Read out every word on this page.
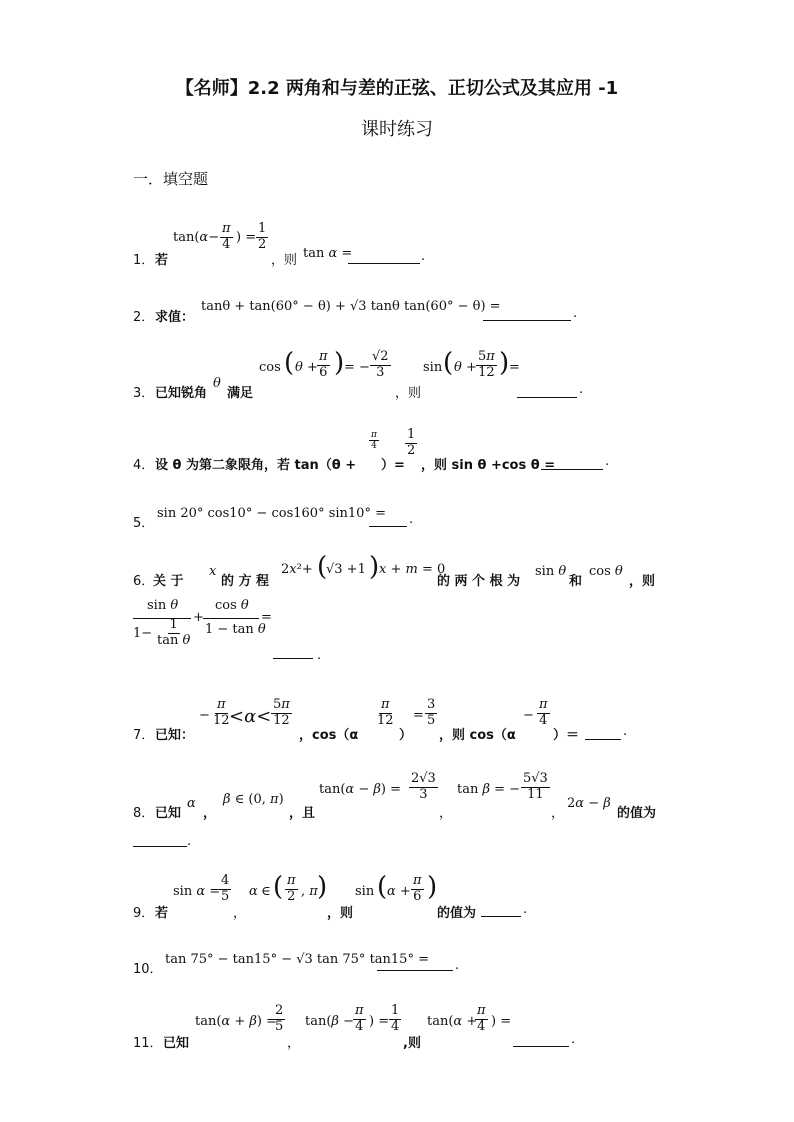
【名师】2.2 两角和与差的正弦、正切公式及其应用 -1
课时练习
一．填空题
1． 若
$\tan(\alpha- \frac{\pi}{4}$ ) = $\frac{1}{2}$
，则 tan α =	.
2． 求值：
tanθ + tan(60° − θ) + √3 tanθ tan(60° − θ) =	.
3． 已知锐角
θ
满足
cos ( $\theta + \frac{\pi}{6}$ ) = − $\frac{√2}{3}$
，则
sin ( $\theta + \frac{5\pi}{12}$ ) =
.
4． 设 θ 为第二象限角，若 tan（θ +
$\frac{\pi}{4}$
）=
$\frac{1}{2}$
，则 sin θ +cos θ =	.
5．
sin 20° cos10° − cos160° sin10° = .
6．
关 于
x
的 方 程
2x²+ (
√3 +1 ) x + m = 0
的 两 个 根 为
sin θ
和
cos θ
，则
sin θ
$1- \frac{1}{\text{tan θ}}$
+
cos θ
1 − tan θ
=
.
7． 已知：
− $\frac{\pi}{12}$
$<\alpha< \frac{5\pi}{12}$
，cos（α
$\frac{\pi}{12}$
）
= $\frac{3}{5}$
，则 cos（α
− $\frac{\pi}{4}$
）＝	.
8． 已知
α
，
β ∈ (0, π)
，且
$\tan(\alpha - \beta) = \frac{2√3}{3}$
，
tan β = − $\frac{5√3}{11}$
，
2α − β
的值为
.
9． 若
sin α =
$\frac{4}{5}$
，
α ∈ ( $\frac{\pi}{2}$ , π )
，则
sin ( $\alpha + \frac{\pi}{6}$ )
的值为	.
10．
tan 75° − tan15° − √3 tan 75° tan15° = .
11． 已知
tan(α + β) =
$\frac{2}{5}$
，
$\tan(\beta - \frac{\pi}{4}$ ) = $\frac{1}{4}$
,则
tan(α +
$\frac{\pi}{4}$ ) =
.
